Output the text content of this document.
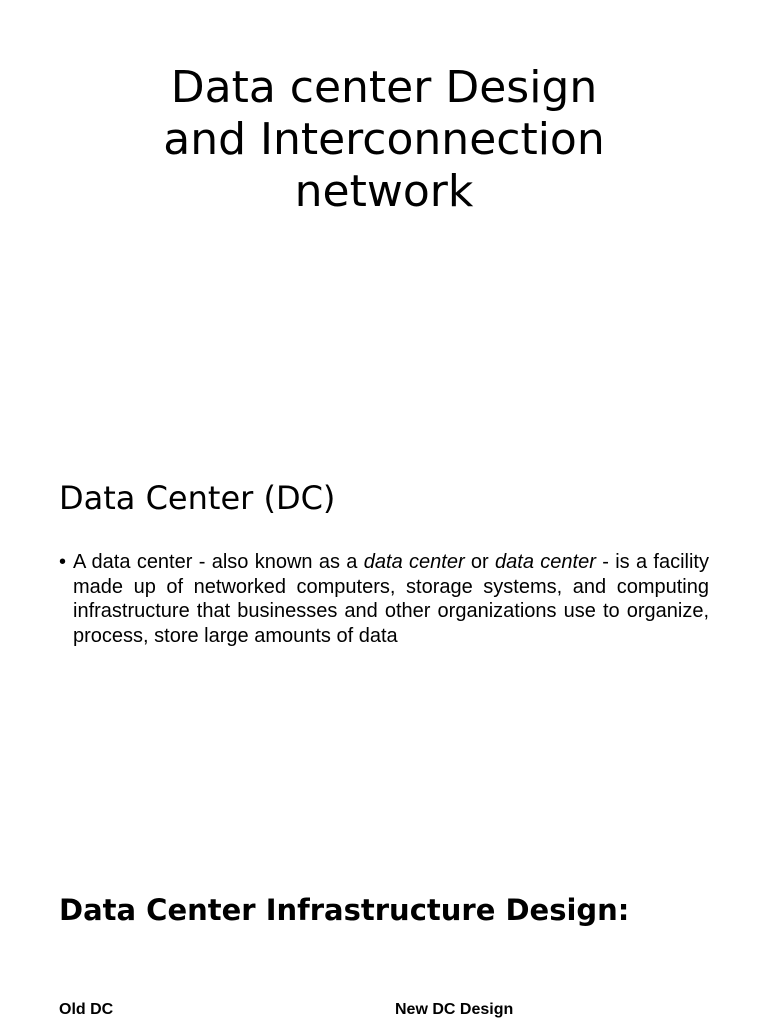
Data center Design
and Interconnection
network
Data Center (DC)
• A data center - also known as a data center or data center - is a facility made up of networked computers, storage systems, and computing infrastructure that businesses and other organizations use to organize, process, store large amounts of data
Data Center Infrastructure Design:
Old DC	New DC Design
